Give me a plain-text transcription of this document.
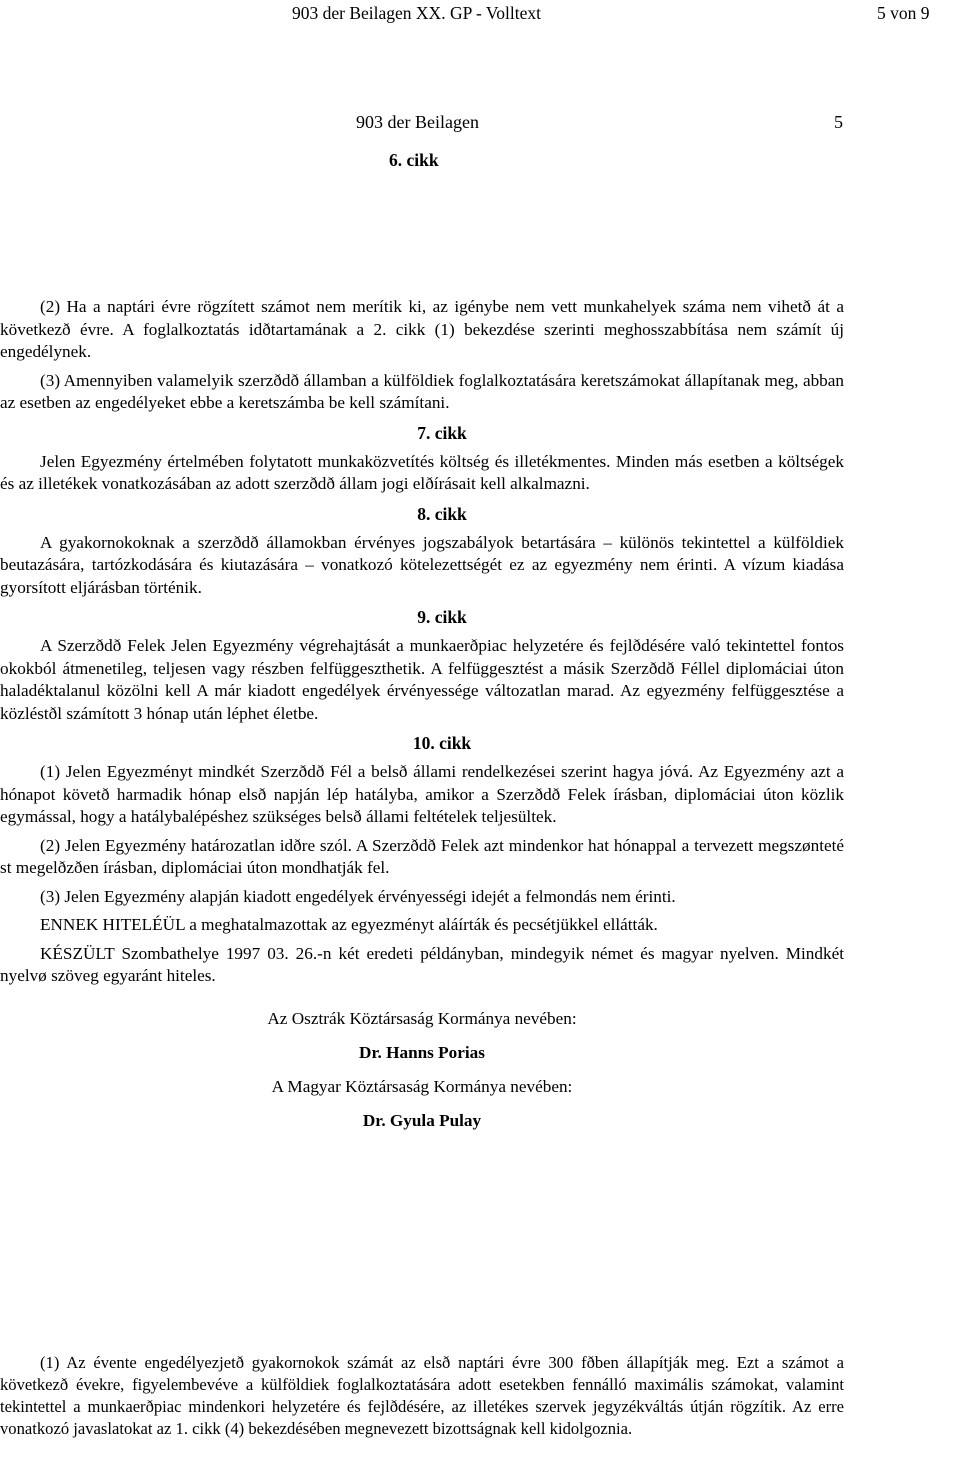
903 der Beilagen XX. GP - Volltext	5 von 9
903 der Beilagen	5
6. cikk

(2) Ha a naptári évre rögzített számot nem merítik ki, az igénybe nem vett munkahelyek száma nem vihetð át a következð évre. A foglalkoztatás idðtartamának a 2. cikk (1) bekezdése szerinti meghosszabbítása nem számít új engedélynek.

(3) Amennyiben valamelyik szerzðdð államban a külföldiek foglalkoztatására keretszámokat állapítanak meg, abban az esetben az engedélyeket ebbe a keretszámba be kell számítani.

7. cikk

Jelen Egyezmény értelmében folytatott munkaközvetítés költség és illetékmentes. Minden más esetben a költségek és az illetékek vonatkozásában az adott szerzðdð állam jogi elðírásait kell alkalmazni.

8. cikk

A gyakornokoknak a szerzðdð államokban érvényes jogszabályok betartására – különös tekintettel a külföldiek beutazására, tartózkodására és kiutazására – vonatkozó kötelezettségét ez az egyezmény nem érinti. A vízum kiadása gyorsított eljárásban történik.

9. cikk

A Szerzðdð Felek Jelen Egyezmény végrehajtását a munkaerðpiac helyzetére és fejlðdésére való tekintettel fontos okokból átmenetileg, teljesen vagy részben felfüggeszthetik. A felfüggesztést a másik Szerzðdð Féllel diplomáciai úton haladéktalanul közölni kell A már kiadott engedélyek érvényessége változatlan marad. Az egyezmény felfüggesztése a közléstðl számított 3 hónap után léphet életbe.

10. cikk

(1) Jelen Egyezményt mindkét Szerzðdð Fél a belsð állami rendelkezései szerint hagya jóvá. Az Egyezmény azt a hónapot követð harmadik hónap elsð napján lép hatályba, amikor a Szerzðdð Felek írásban, diplomáciai úton közlik egymással, hogy a hatálybalépéshez szükséges belsð állami feltételek teljesültek.

(2) Jelen Egyezmény határozatlan idðre szól. A Szerzðdð Felek azt mindenkor hat hónappal a tervezett megszønteté st megelðzðen írásban, diplomáciai úton mondhatják fel.

(3) Jelen Egyezmény alapján kiadott engedélyek érvényességi idejét a felmondás nem érinti.

ENNEK HITELÉÜL a meghatalmazottak az egyezményt aláírták és pecsétjükkel ellátták.

KÉSZÜLT Szombathelye 1997 03. 26.-n két eredeti példányban, mindegyik német és magyar nyelven. Mindkét nyelvø szöveg egyaránt hiteles.

Az Osztrák Köztársaság Kormánya nevében:
Dr. Hanns Porias
A Magyar Köztársaság Kormánya nevében:
Dr. Gyula Pulay

(1) Az évente engedélyezjetð gyakornokok számát az elsð naptári évre 300 fðben állapítják meg. Ezt a számot a következð évekre, figyelembevéve a külföldiek foglalkoztatására adott esetekben fennálló maximális számokat, valamint tekintettel a munkaerðpiac mindenkori helyzetére és fejlðdésére, az illetékes szervek jegyzékváltás útján rögzítik. Az erre vonatkozó javaslatokat az 1. cikk (4) bekezdésében megnevezett bizottságnak kell kidolgoznia.
